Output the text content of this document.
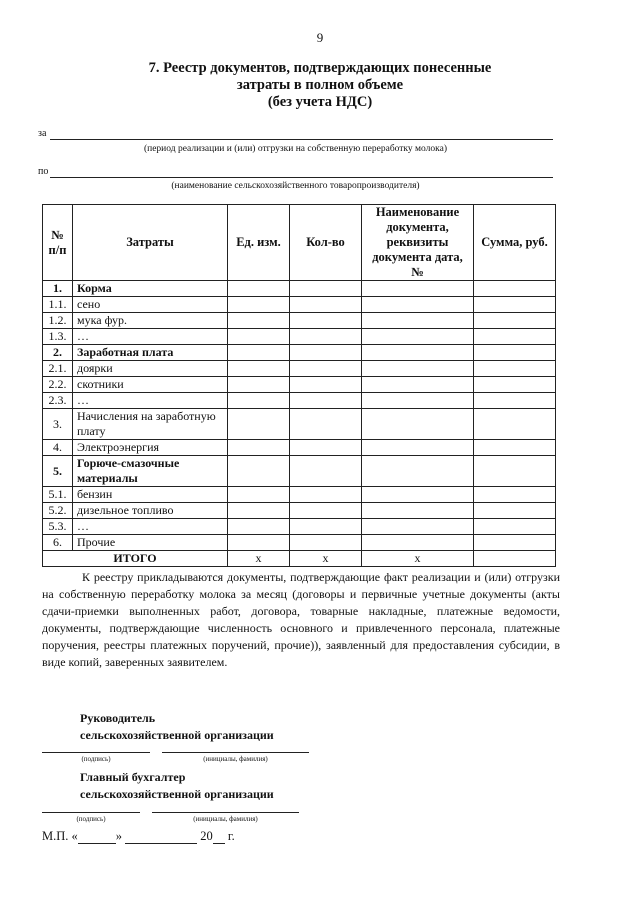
9
7. Реестр документов, подтверждающих понесенные
затраты в полном объеме
(без учета НДС)
за
(период реализации и (или) отгрузки на собственную переработку молока)
по
(наименование сельскохозяйственного товаропроизводителя)
№ п/п	Затраты	Ед. изм.	Кол-во	Наименование документа, реквизиты документа дата, №	Сумма, руб.
1.	Корма				
1.1.	сено				
1.2.	мука фур.				
1.3.	…				
2.	Заработная плата				
2.1.	доярки				
2.2.	скотники				
2.3.	…				
3.	Начисления на заработную плату				
4.	Электроэнергия				
5.	Горюче-смазочные материалы				
5.1.	бензин				
5.2.	дизельное топливо				
5.3.	…				
6.	Прочие				
ИТОГО		x	x	x	
К реестру прикладываются документы, подтверждающие факт реализации и (или) отгрузки на собственную переработку молока за месяц (договоры и первичные учетные документы (акты сдачи-приемки выполненных работ, договора, товарные накладные, платежные ведомости, документы, подтверждающие численность основного и привлеченного персонала, платежные поручения, реестры платежных поручений, прочие)), заявленный для предоставления субсидии, в виде копий, заверенных заявителем.
Руководитель
сельскохозяйственной организации
(подпись)	(инициалы, фамилия)
Главный бухгалтер
сельскохозяйственной организации
(подпись)	(инициалы, фамилия)
М.П. «	»	20 г.
